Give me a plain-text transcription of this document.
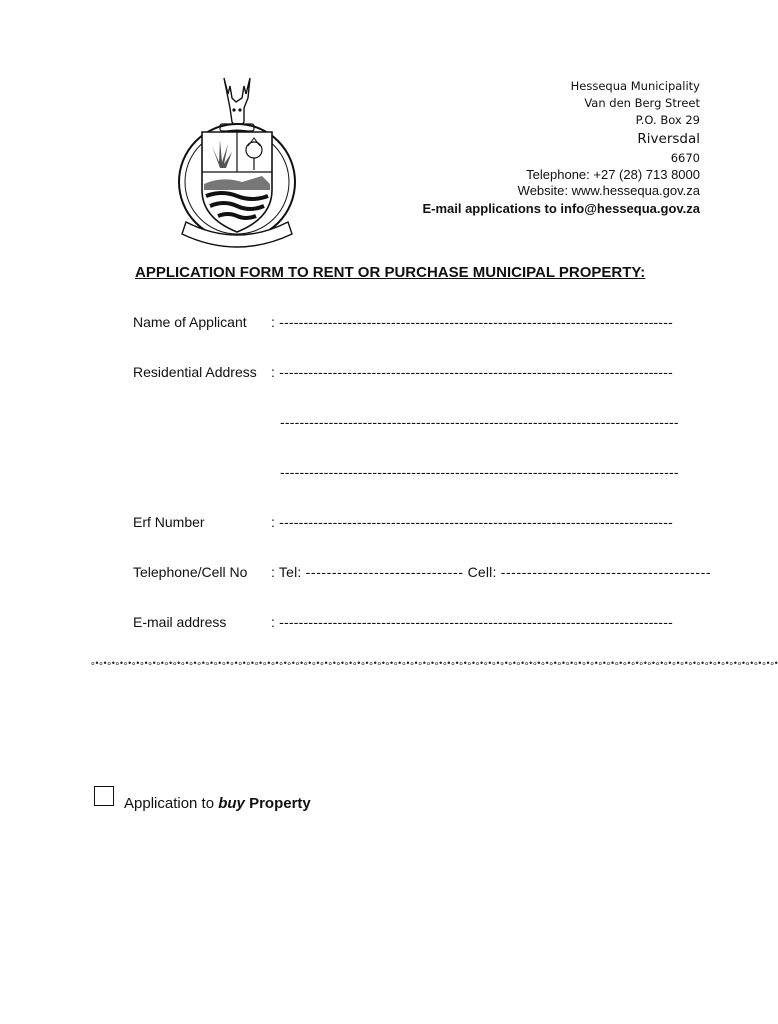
Hessequa Municipality
Van den Berg Street
P.O. Box 29
Riversdal
6670
Telephone: +27 (28) 713 8000
Website: www.hessequa.gov.za
E-mail applications to info@hessequa.gov.za
APPLICATION FORM TO RENT OR PURCHASE MUNICIPAL PROPERTY:
Name of Applicant : ---------------------------------------------------------------------------------
Residential Address : ---------------------------------------------------------------------------------
----------------------------------------------------------------------------------
----------------------------------------------------------------------------------
Erf Number	: ---------------------------------------------------------------------------------
Telephone/Cell No : Tel: ------------------------------ Cell: ----------------------------------------
E-mail address	: ---------------------------------------------------------------------------------
∘•∘•∘•∘•∘•∘•∘•∘•∘•∘•∘•∘•∘•∘•∘•∘•∘•∘•∘•∘•∘•∘•∘•∘•∘•∘•∘•∘•∘•∘•∘•∘•∘•∘•∘•∘•∘•∘•∘•∘•∘•∘•∘•∘•∘•∘•∘•∘•∘•∘•∘•∘•∘•∘•∘•∘•∘•∘•∘•∘•∘•∘•∘•∘•∘•∘•∘•∘•∘•∘•∘•∘•∘•∘•∘•∘•∘•∘•∘•∘•∘•∘•∘•∘•
Application to buy Property
